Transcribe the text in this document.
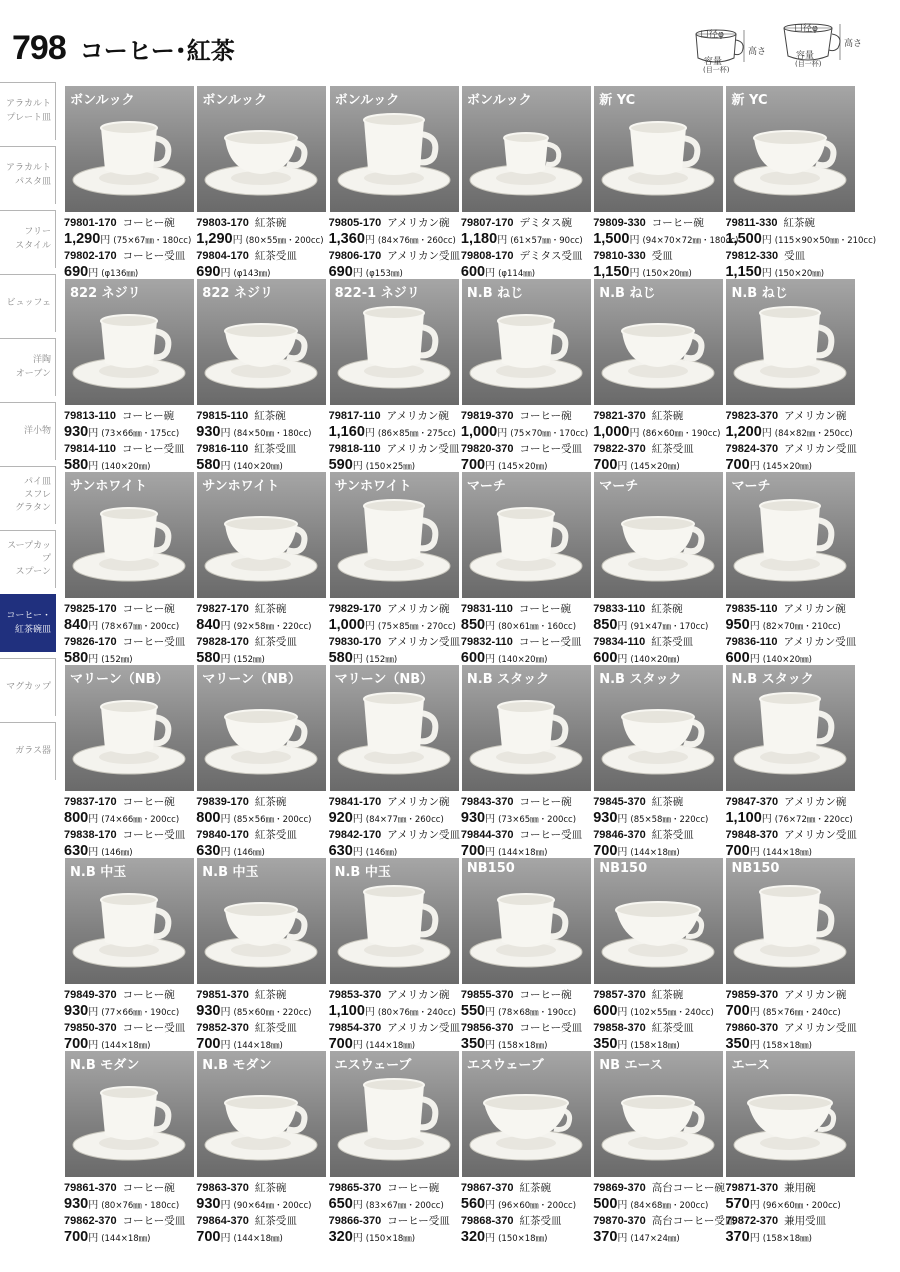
798 コーヒー･紅茶
口径φ
高さ
容量
(目一杯)
口径φ
高さ
容量
(目一杯)
アラカルト
プレート皿
アラカルト
パスタ皿
フリー
スタイル
ビュッフェ
洋陶
オーブン
洋小物
パイ皿
スフレ
グラタン
スープカップ
スプーン
コーヒー・
紅茶碗皿
マグカップ
ガラス器
ボンルック
79801-170 コーヒー碗
1,290円 (75×67㎜・180cc)
79802-170 コーヒー受皿
690円 (φ136㎜)
ボンルック
79803-170 紅茶碗
1,290円 (80×55㎜・200cc)
79804-170 紅茶受皿
690円 (φ143㎜)
ボンルック
79805-170 アメリカン碗
1,360円 (84×76㎜・260cc)
79806-170 アメリカン受皿
690円 (φ153㎜)
ボンルック
79807-170 デミタス碗
1,180円 (61×57㎜・90cc)
79808-170 デミタス受皿
600円 (φ114㎜)
新 YC
79809-330 コーヒー碗
1,500円 (94×70×72㎜・180cc)
79810-330 受皿
1,150円 (150×20㎜)
新 YC
79811-330 紅茶碗
1,500円 (115×90×50㎜・210cc)
79812-330 受皿
1,150円 (150×20㎜)
822 ネジリ
79813-110 コーヒー碗
930円 (73×66㎜・175cc)
79814-110 コーヒー受皿
580円 (140×20㎜)
822 ネジリ
79815-110 紅茶碗
930円 (84×50㎜・180cc)
79816-110 紅茶受皿
580円 (140×20㎜)
822-1 ネジリ
79817-110 アメリカン碗
1,160円 (86×85㎜・275cc)
79818-110 アメリカン受皿
590円 (150×25㎜)
N.B ねじ
79819-370 コーヒー碗
1,000円 (75×70㎜・170cc)
79820-370 コーヒー受皿
700円 (145×20㎜)
N.B ねじ
79821-370 紅茶碗
1,000円 (86×60㎜・190cc)
79822-370 紅茶受皿
700円 (145×20㎜)
N.B ねじ
79823-370 アメリカン碗
1,200円 (84×82㎜・250cc)
79824-370 アメリカン受皿
700円 (145×20㎜)
サンホワイト
79825-170 コーヒー碗
840円 (78×67㎜・200cc)
79826-170 コーヒー受皿
580円 (152㎜)
サンホワイト
79827-170 紅茶碗
840円 (92×58㎜・220cc)
79828-170 紅茶受皿
580円 (152㎜)
サンホワイト
79829-170 アメリカン碗
1,000円 (75×85㎜・270cc)
79830-170 アメリカン受皿
580円 (152㎜)
マーチ
79831-110 コーヒー碗
850円 (80×61㎜・160cc)
79832-110 コーヒー受皿
600円 (140×20㎜)
マーチ
79833-110 紅茶碗
850円 (91×47㎜・170cc)
79834-110 紅茶受皿
600円 (140×20㎜)
マーチ
79835-110 アメリカン碗
950円 (82×70㎜・210cc)
79836-110 アメリカン受皿
600円 (140×20㎜)
マリーン（NB）
79837-170 コーヒー碗
800円 (74×66㎜・200cc)
79838-170 コーヒー受皿
630円 (146㎜)
マリーン（NB）
79839-170 紅茶碗
800円 (85×56㎜・200cc)
79840-170 紅茶受皿
630円 (146㎜)
マリーン（NB）
79841-170 アメリカン碗
920円 (84×77㎜・260cc)
79842-170 アメリカン受皿
630円 (146㎜)
N.B スタック
79843-370 コーヒー碗
930円 (73×65㎜・200cc)
79844-370 コーヒー受皿
700円 (144×18㎜)
N.B スタック
79845-370 紅茶碗
930円 (85×58㎜・220cc)
79846-370 紅茶受皿
700円 (144×18㎜)
N.B スタック
79847-370 アメリカン碗
1,100円 (76×72㎜・220cc)
79848-370 アメリカン受皿
700円 (144×18㎜)
N.B 中玉
79849-370 コーヒー碗
930円 (77×66㎜・190cc)
79850-370 コーヒー受皿
700円 (144×18㎜)
N.B 中玉
79851-370 紅茶碗
930円 (85×60㎜・220cc)
79852-370 紅茶受皿
700円 (144×18㎜)
N.B 中玉
79853-370 アメリカン碗
1,100円 (80×76㎜・240cc)
79854-370 アメリカン受皿
700円 (144×18㎜)
NB150
79855-370 コーヒー碗
550円 (78×68㎜・190cc)
79856-370 コーヒー受皿
350円 (158×18㎜)
NB150
79857-370 紅茶碗
600円 (102×55㎜・240cc)
79858-370 紅茶受皿
350円 (158×18㎜)
NB150
79859-370 アメリカン碗
700円 (85×76㎜・240cc)
79860-370 アメリカン受皿
350円 (158×18㎜)
N.B モダン
79861-370 コーヒー碗
930円 (80×76㎜・180cc)
79862-370 コーヒー受皿
700円 (144×18㎜)
N.B モダン
79863-370 紅茶碗
930円 (90×64㎜・200cc)
79864-370 紅茶受皿
700円 (144×18㎜)
エスウェーブ
79865-370 コーヒー碗
650円 (83×67㎜・200cc)
79866-370 コーヒー受皿
320円 (150×18㎜)
エスウェーブ
79867-370 紅茶碗
560円 (96×60㎜・200cc)
79868-370 紅茶受皿
320円 (150×18㎜)
NB エース
79869-370 高台コーヒー碗
500円 (84×68㎜・200cc)
79870-370 高台コーヒー受皿
370円 (147×24㎜)
エース
79871-370 兼用碗
570円 (96×60㎜・200cc)
79872-370 兼用受皿
370円 (158×18㎜)
